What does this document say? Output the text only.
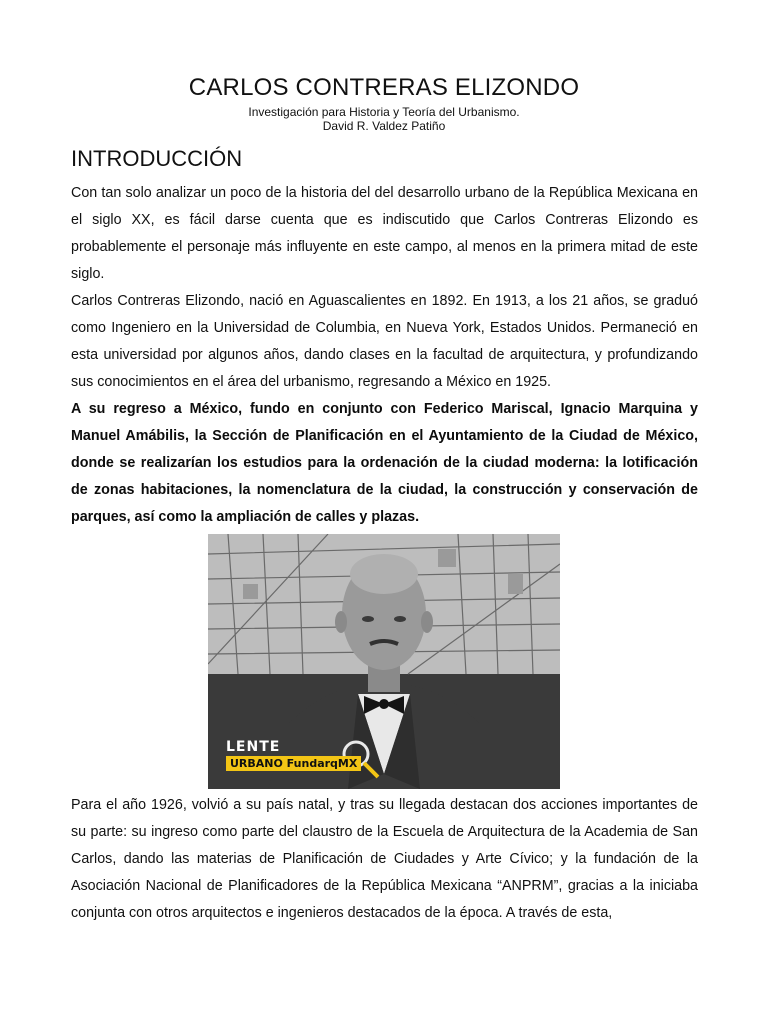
CARLOS CONTRERAS ELIZONDO
Investigación para Historia y Teoría del Urbanismo.
David R. Valdez Patiño
INTRODUCCIÓN

Con tan solo analizar un poco de la historia del del desarrollo urbano de la República Mexicana en el siglo XX, es fácil darse cuenta que es indiscutido que Carlos Contreras Elizondo es probablemente el personaje más influyente en este campo, al menos en la primera mitad de este siglo.

Carlos Contreras Elizondo, nació en Aguascalientes en 1892. En 1913, a los 21 años, se graduó como Ingeniero en la Universidad de Columbia, en Nueva York, Estados Unidos. Permaneció en esta universidad por algunos años, dando clases en la facultad de arquitectura, y profundizando sus conocimientos en el área del urbanismo, regresando a México en 1925.

A su regreso a México, fundo en conjunto con Federico Mariscal, Ignacio Marquina y Manuel Amábilis, la Sección de Planificación en el Ayuntamiento de la Ciudad de México, donde se realizarían los estudios para la ordenación de la ciudad moderna: la lotificación de zonas habitaciones, la nomenclatura de la ciudad, la construcción y conservación de parques, así como la ampliación de calles y plazas.

LENTE
URBANO FundarqMX

Para el año 1926, volvió a su país natal, y tras su llegada destacan dos acciones importantes de su parte: su ingreso como parte del claustro de la Escuela de Arquitectura de la Academia de San Carlos, dando las materias de Planificación de Ciudades y Arte Cívico; y la fundación de la Asociación Nacional de Planificadores de la República Mexicana “ANPRM”, gracias a la iniciaba conjunta con otros arquitectos e ingenieros destacados de la época. A través de esta,
